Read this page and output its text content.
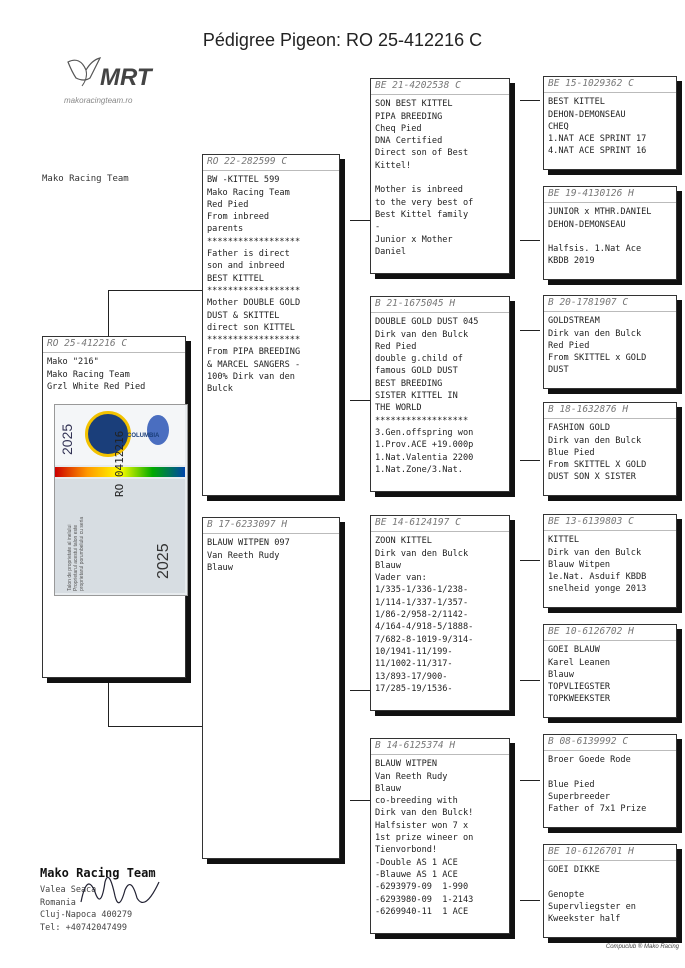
Pédigree Pigeon: RO 25-412216 C
MRT
makoracingteam.ro
Mako Racing Team
RO 25-412216 C
Mako "216"
Mako Racing Team
Grzl White Red Pied
2025	COLUMBIA
Talon de proprietate al inelului
Proprietarul acestui talon este
proprietarul porumbelului cu seria
RO 0412216
2025
RO 22-282599 C
BW -KITTEL 599
Mako Racing Team
Red Pied
From inbreed
parents
******************
Father is direct
son and inbreed
BEST KITTEL
******************
Mother DOUBLE GOLD
DUST & SKITTEL
direct son KITTEL
******************
From PIPA BREEDING
& MARCEL SANGERS -
100% Dirk van den
Bulck
B 17-6233097 H
BLAUW WITPEN 097
Van Reeth Rudy
Blauw
BE 21-4202538 C
SON BEST KITTEL
PIPA BREEDING
Cheq Pied
DNA Certified
Direct son of Best
Kittel!

Mother is inbreed
to the very best of
Best Kittel family
-
Junior x Mother
Daniel
B 21-1675045 H
DOUBLE GOLD DUST 045
Dirk van den Bulck
Red Pied
double g.child of
famous GOLD DUST
BEST BREEDING
SISTER KITTEL IN
THE WORLD
******************
3.Gen.offspring won
1.Prov.ACE +19.000p
1.Nat.Valentia 2200
1.Nat.Zone/3.Nat.
BE 14-6124197 C
ZOON KITTEL
Dirk van den Bulck
Blauw
Vader van:
1/335-1/336-1/238-
1/114-1/337-1/357-
1/86-2/958-2/1142-
4/164-4/918-5/1888-
7/682-8-1019-9/314-
10/1941-11/199-
11/1002-11/317-
13/893-17/900-
17/285-19/1536-
B 14-6125374 H
BLAUW WITPEN
Van Reeth Rudy
Blauw
co-breeding with
Dirk van den Bulck!
Halfsister won 7 x
1st prize wineer on
Tienvorbond!
-Double AS 1 ACE
-Blauwe AS 1 ACE
-6293979-09  1-990
-6293980-09  1-2143
-6269940-11  1 ACE
BE 15-1029362 C
BEST KITTEL
DEHON-DEMONSEAU
CHEQ
1.NAT ACE SPRINT 17
4.NAT ACE SPRINT 16
BE 19-4130126 H
JUNIOR x MTHR.DANIEL
DEHON-DEMONSEAU

Halfsis. 1.Nat Ace
KBDB 2019
B 20-1781907 C
GOLDSTREAM
Dirk van den Bulck
Red Pied
From SKITTEL x GOLD
DUST
B 18-1632876 H
FASHION GOLD
Dirk van den Bulck
Blue Pied
From SKITTEL X GOLD
DUST SON X SISTER
BE 13-6139803 C
KITTEL
Dirk van den Bulck
Blauw Witpen
1e.Nat. Asduif KBDB
snelheid yonge 2013
BE 10-6126702 H
GOEI BLAUW
Karel Leanen
Blauw
TOPVLIEGSTER
TOPKWEEKSTER
B 08-6139992 C
Broer Goede Rode

Blue Pied
Superbreeder
Father of 7x1 Prize
BE 10-6126701 H
GOEI DIKKE

Genopte
Supervliegster en
Kweekster half
Mako Racing Team
Valea Seaca
Romania
Cluj-Napoca 400279
Tel: +40742047499
Compuclub ® Mako Racing
